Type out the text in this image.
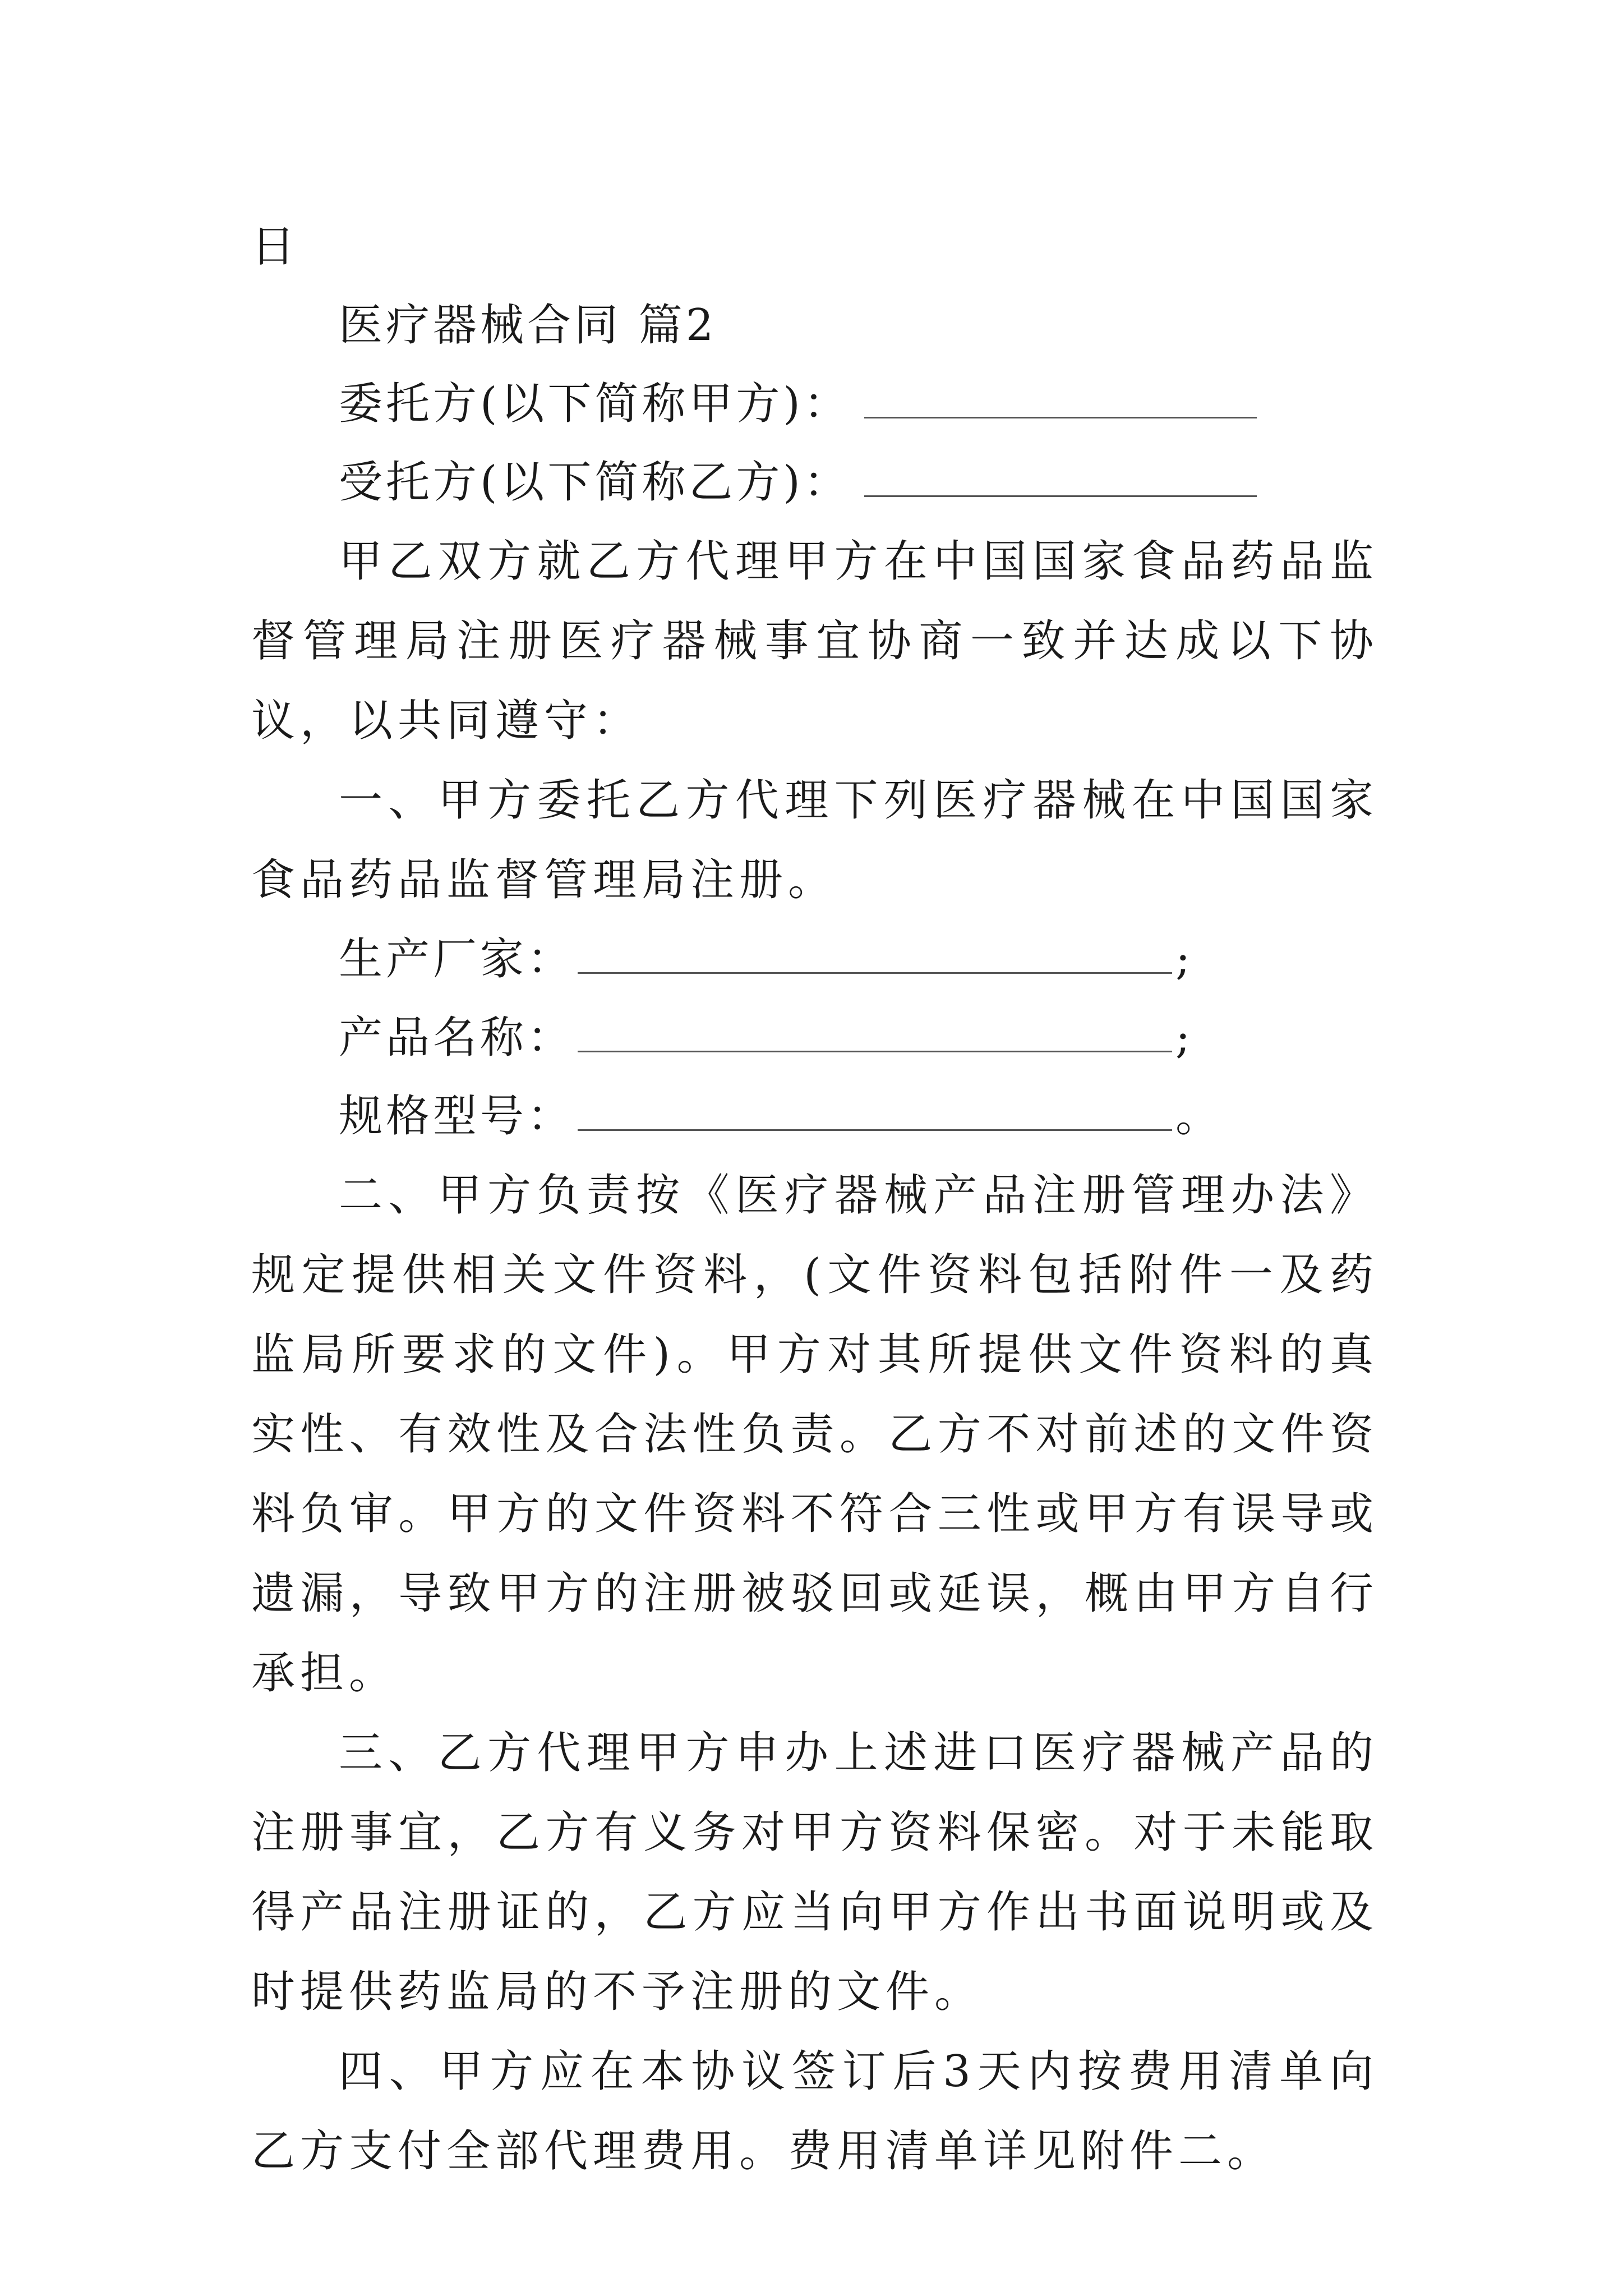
日
医疗器械合同 篇2
委托方(以下简称甲方)：
受托方(以下简称乙方)：

甲乙双方就乙方代理甲方在中国国家食品药品监督管理局注册医疗器械事宜协商一致并达成以下协议，以共同遵守：

一、甲方委托乙方代理下列医疗器械在中国国家食品药品监督管理局注册。

生产厂家：	;
产品名称：	;
规格型号：	。

二、甲方负责按《医疗器械产品注册管理办法》规定提供相关文件资料，(文件资料包括附件一及药监局所要求的文件)。甲方对其所提供文件资料的真实性、有效性及合法性负责。乙方不对前述的文件资料负审。甲方的文件资料不符合三性或甲方有误导或遗漏，导致甲方的注册被驳回或延误，概由甲方自行承担。

三、乙方代理甲方申办上述进口医疗器械产品的注册事宜，乙方有义务对甲方资料保密。对于未能取得产品注册证的，乙方应当向甲方作出书面说明或及时提供药监局的不予注册的文件。

四、甲方应在本协议签订后3天内按费用清单向乙方支付全部代理费用。费用清单详见附件二。
